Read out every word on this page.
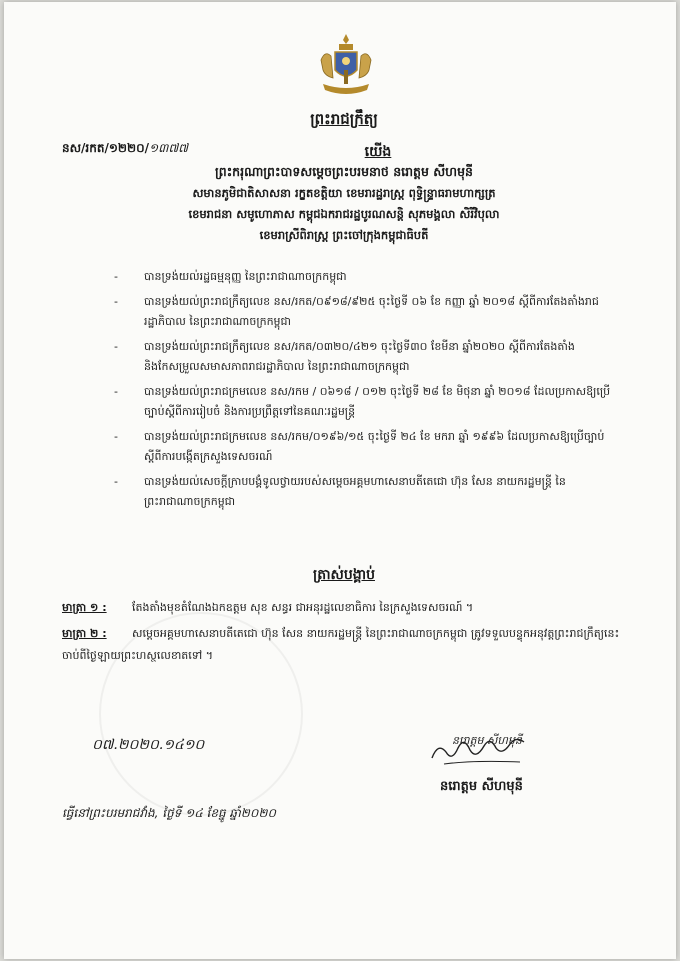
ព្រះរាជក្រឹត្យ
នស/រកត/១២២០/១៣៧៧	យើង
ព្រះករុណាព្រះបាទសម្តេចព្រះបរមនាថ នរោត្តម សីហមុនី
សមានភូមិជាតិសាសនា រក្ខតខត្តិយា ខេមរារដ្ឋរាស្ត្រ ពុទ្ធិន្ទ្រាធរាមហាក្សត្រ
ខេមរាជនា សមូហោភាស កម្ពុជឯករាជរដ្ឋបូរណសន្តិ សុភមង្គលា សិរីវិបុលា
ខេមរាស្រីពិរាស្ត្រ ព្រះចៅក្រុងកម្ពុជាធិបតី
- បានទ្រង់យល់រដ្ឋធម្មនុញ្ញ នៃព្រះរាជាណាចក្រកម្ពុជា
- បានទ្រង់យល់ព្រះរាជក្រឹត្យលេខ នស/រកត/០៩១៨/៩២៥ ចុះថ្ងៃទី ០៦ ខែ កញ្ញា ឆ្នាំ ២០១៨ ស្តីពីការតែងតាំងរាជរដ្ឋាភិបាល នៃព្រះរាជាណាចក្រកម្ពុជា
- បានទ្រង់យល់ព្រះរាជក្រឹត្យលេខ នស/រកត/០៣២០/៤២១ ចុះថ្ងៃទី៣០ ខែមីនា ឆ្នាំ២០២០ ស្តីពីការតែងតាំង និងកែសម្រួលសមាសភាពរាជរដ្ឋាភិបាល នៃព្រះរាជាណាចក្រកម្ពុជា
- បានទ្រង់យល់ព្រះរាជក្រមលេខ នស/រកម / ០៦១៨ / ០១២ ចុះថ្ងៃទី ២៨ ខែ មិថុនា ឆ្នាំ ២០១៨ ដែលប្រកាសឱ្យប្រើច្បាប់ស្តីពីការរៀបចំ និងការប្រព្រឹត្តទៅនៃគណៈរដ្ឋមន្ត្រី
- បានទ្រង់យល់ព្រះរាជក្រមលេខ នស/រកម/០១៩៦/១៥ ចុះថ្ងៃទី ២៤ ខែ មករា ឆ្នាំ ១៩៩៦ ដែលប្រកាសឱ្យប្រើច្បាប់ស្តីពីការបង្កើតក្រសួងទេសចរណ៍
- បានទ្រង់យល់សេចក្តីក្រាបបង្គំទូលថ្វាយរបស់សម្តេចអគ្គមហាសេនាបតីតេជោ ហ៊ុន សែន នាយករដ្ឋមន្ត្រី នៃព្រះរាជាណាចក្រកម្ពុជា
ត្រាស់បង្គាប់
មាត្រា ១ : តែងតាំងមុខតំណែងឯកឧត្តម សុខ សន្ធរ ជាអនុរដ្ឋលេខាធិការ នៃក្រសួងទេសចរណ៍ ។
មាត្រា ២ : សម្តេចអគ្គមហាសេនាបតីតេជោ ហ៊ុន សែន នាយករដ្ឋមន្ត្រី នៃព្រះរាជាណាចក្រកម្ពុជា ត្រូវទទួលបន្ទុកអនុវត្តព្រះរាជក្រឹត្យនេះ ចាប់ពីថ្ងៃឡាយព្រះហស្ថលេខាតទៅ ។
០៧.២០២០.១៤១០	នរោត្តម សីហមុនី
នរោត្តម សីហមុនី
ធ្វើនៅព្រះបរមរាជវាំង, ថ្ងៃទី ១៤ ខែធ្នូ ឆ្នាំ២០២០
